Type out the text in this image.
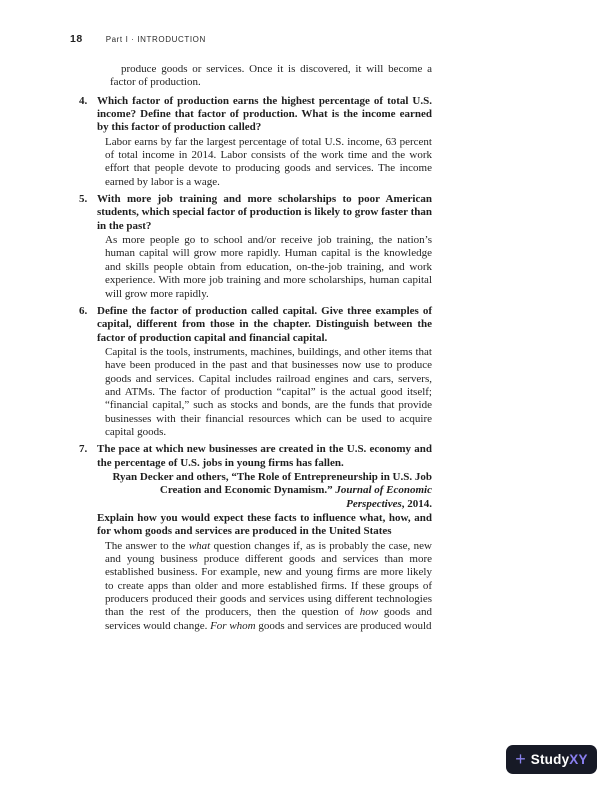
18	Part I · INTRODUCTION

produce goods or services. Once it is discovered, it will become a factor of production.

4. Which factor of production earns the highest percentage of total U.S. income? Define that factor of production. What is the income earned by this factor of production called?

Labor earns by far the largest percentage of total U.S. income, 63 percent of total income in 2014. Labor consists of the work time and the work effort that people devote to producing goods and services. The income earned by labor is a wage.

5. With more job training and more scholarships to poor American students, which special factor of production is likely to grow faster than in the past?

As more people go to school and/or receive job training, the nation’s human capital will grow more rapidly. Human capital is the knowledge and skills people obtain from education, on-the-job training, and work experience. With more job training and more scholarships, human capital will grow more rapidly.

6. Define the factor of production called capital. Give three examples of capital, different from those in the chapter. Distinguish between the factor of production capital and financial capital.

Capital is the tools, instruments, machines, buildings, and other items that have been produced in the past and that businesses now use to produce goods and services. Capital includes railroad engines and cars, servers, and ATMs. The factor of production “capital” is the actual good itself; “financial capital,” such as stocks and bonds, are the funds that provide businesses with their financial resources which can be used to acquire capital goods.

7. The pace at which new businesses are created in the U.S. economy and the percentage of U.S. jobs in young firms has fallen.

Ryan Decker and others, “The Role of Entrepreneurship in U.S. Job Creation and Economic Dynamism.” Journal of Economic Perspectives, 2014.

Explain how you would expect these facts to influence what, how, and for whom goods and services are produced in the United States

The answer to the what question changes if, as is probably the case, new and young business produce different goods and services than more established business. For example, new and young firms are more likely to create apps than older and more established firms. If these groups of producers produced their goods and services using different technologies than the rest of the producers, then the question of how goods and services would change. For whom goods and services are produced would

+ StudyXY
